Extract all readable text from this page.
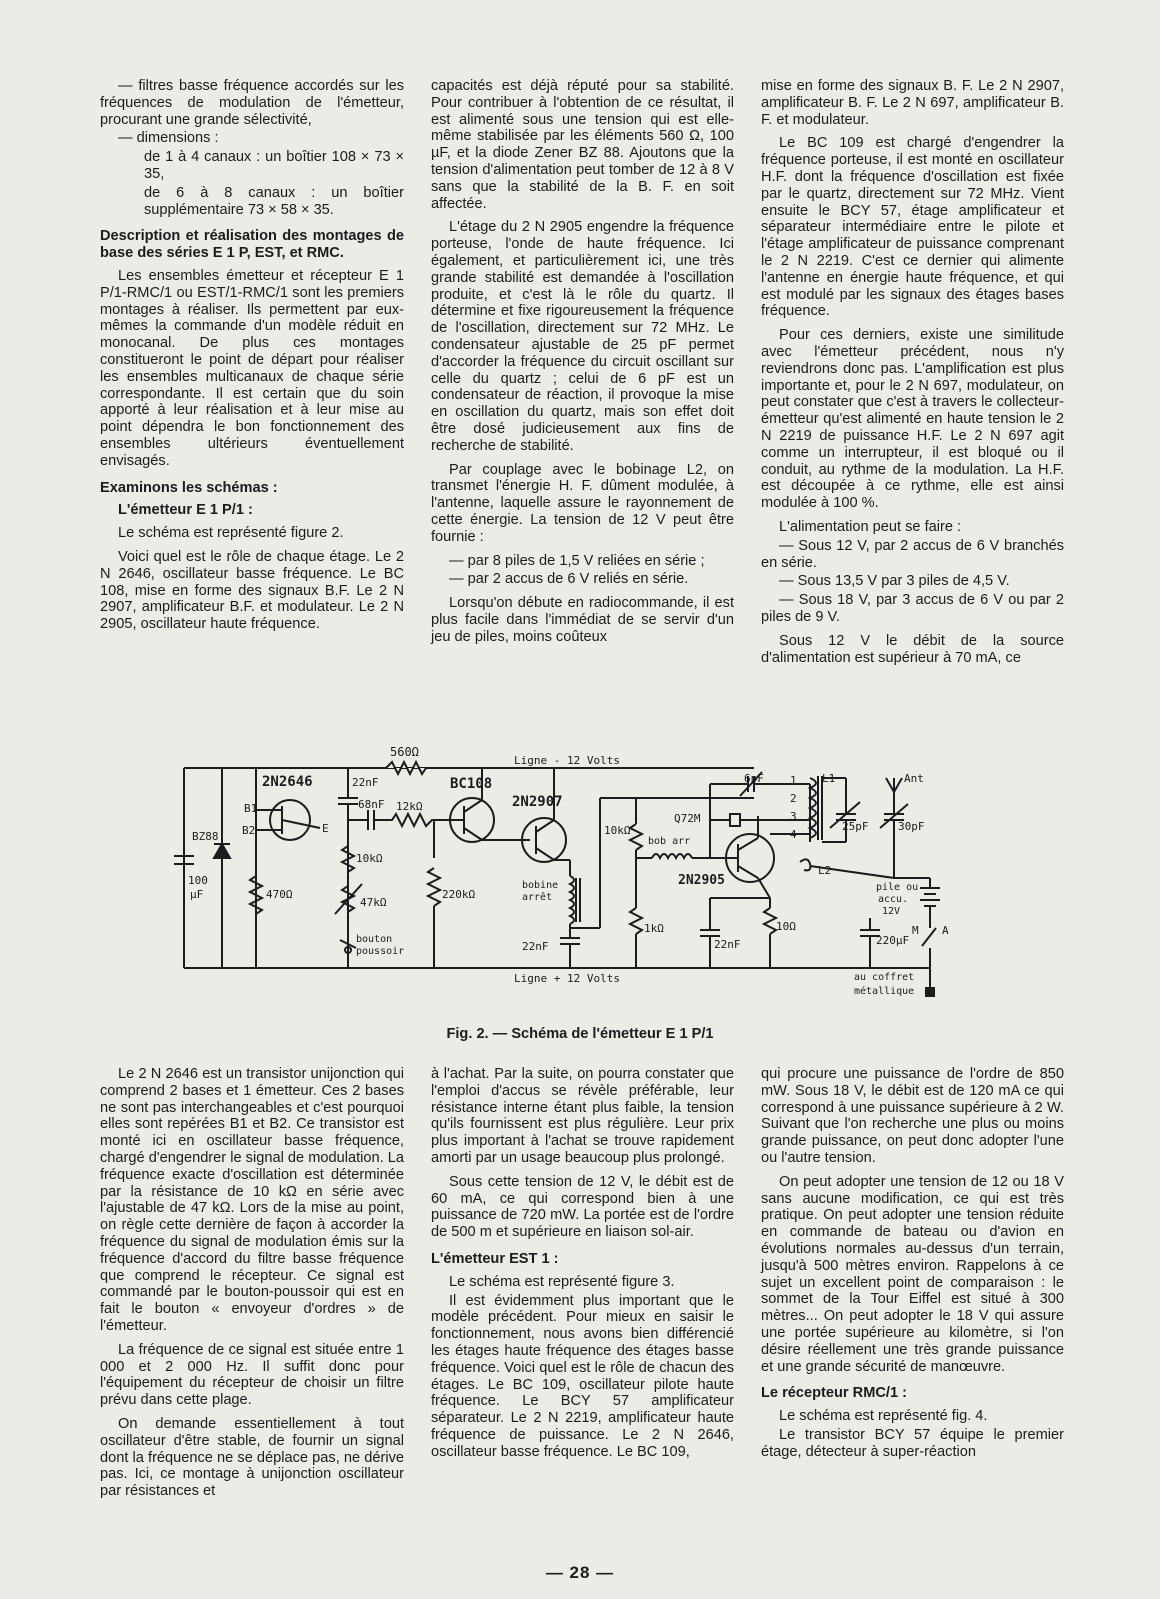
— filtres basse fréquence accordés sur les fréquences de modulation de l'émetteur, procurant une grande sélectivité,

— dimensions :

de 1 à 4 canaux : un boîtier 108 × 73 × 35,

de 6 à 8 canaux : un boîtier supplémentaire 73 × 58 × 35.

Description et réalisation des montages de base des séries E 1 P, EST, et RMC.

Les ensembles émetteur et récepteur E 1 P/1-RMC/1 ou EST/1-RMC/1 sont les premiers montages à réaliser. Ils permettent par eux-mêmes la commande d'un modèle réduit en monocanal. De plus ces montages constitueront le point de départ pour réaliser les ensembles multicanaux de chaque série correspondante. Il est certain que du soin apporté à leur réalisation et à leur mise au point dépendra le bon fonctionnement des ensembles ultérieurs éventuellement envisagés.

Examinons les schémas :
L'émetteur E 1 P/1 :

Le schéma est représenté figure 2.

Voici quel est le rôle de chaque étage. Le 2 N 2646, oscillateur basse fréquence. Le BC 108, mise en forme des signaux B.F. Le 2 N 2907, amplificateur B.F. et modulateur. Le 2 N 2905, oscillateur haute fréquence.

capacités est déjà réputé pour sa stabilité. Pour contribuer à l'obtention de ce résultat, il est alimenté sous une tension qui est elle-même stabilisée par les éléments 560 Ω, 100 µF, et la diode Zener BZ 88. Ajoutons que la tension d'alimentation peut tomber de 12 à 8 V sans que la stabilité de la B. F. en soit affectée.

L'étage du 2 N 2905 engendre la fréquence porteuse, l'onde de haute fréquence. Ici également, et particulièrement ici, une très grande stabilité est demandée à l'oscillation produite, et c'est là le rôle du quartz. Il détermine et fixe rigoureusement la fréquence de l'oscillation, directement sur 72 MHz. Le condensateur ajustable de 25 pF permet d'accorder la fréquence du circuit oscillant sur celle du quartz ; celui de 6 pF est un condensateur de réaction, il provoque la mise en oscillation du quartz, mais son effet doit être dosé judicieusement aux fins de recherche de stabilité.

Par couplage avec le bobinage L2, on transmet l'énergie H. F. dûment modulée, à l'antenne, laquelle assure le rayonnement de cette énergie. La tension de 12 V peut être fournie :

— par 8 piles de 1,5 V reliées en série ;

— par 2 accus de 6 V reliés en série.

Lorsqu'on débute en radiocommande, il est plus facile dans l'immédiat de se servir d'un jeu de piles, moins coûteux

mise en forme des signaux B. F. Le 2 N 2907, amplificateur B. F. Le 2 N 697, amplificateur B. F. et modulateur.

Le BC 109 est chargé d'engendrer la fréquence porteuse, il est monté en oscillateur H.F. dont la fréquence d'oscillation est fixée par le quartz, directement sur 72 MHz. Vient ensuite le BCY 57, étage amplificateur et séparateur intermédiaire entre le pilote et l'étage amplificateur de puissance comprenant le 2 N 2219. C'est ce dernier qui alimente l'antenne en énergie haute fréquence, et qui est modulé par les signaux des étages bases fréquence.

Pour ces derniers, existe une similitude avec l'émetteur précédent, nous n'y reviendrons donc pas. L'amplification est plus importante et, pour le 2 N 697, modulateur, on peut constater que c'est à travers le collecteur-émetteur qu'est alimenté en haute tension le 2 N 2219 de puissance H.F. Le 2 N 697 agit comme un interrupteur, il est bloqué ou il conduit, au rythme de la modulation. La H.F. est découpée à ce rythme, elle est ainsi modulée à 100 %.

L'alimentation peut se faire :

— Sous 12 V, par 2 accus de 6 V branchés en série.

— Sous 13,5 V par 3 piles de 4,5 V.

— Sous 18 V, par 3 accus de 6 V ou par 2 piles de 9 V.

Sous 12 V le débit de la source d'alimentation est supérieur à 70 mA, ce

560Ω
Ligne - 12 Volts
Ligne + 12 Volts
2N2646	BC108
2N2907
2N2905
22nF
68nF 12kΩ
B1
B2	E
BZ88
100
µF	470Ω
10kΩ
47kΩ
bouton
poussoir
220kΩ
bobine
arrêt
22nF
10kΩ
bob arr
Q72M
6pF	L1
1
2
3
4
25pF
Ant
30pF
L2
1kΩ
22nF
10Ω
pile ou
accu.
12V
M A
220µF
au coffret
métallique
Fig. 2. — Schéma de l'émetteur E 1 P/1

Le 2 N 2646 est un transistor unijonction qui comprend 2 bases et 1 émetteur. Ces 2 bases ne sont pas interchangeables et c'est pourquoi elles sont repérées B1 et B2. Ce transistor est monté ici en oscillateur basse fréquence, chargé d'engendrer le signal de modulation. La fréquence exacte d'oscillation est déterminée par la résistance de 10 kΩ en série avec l'ajustable de 47 kΩ. Lors de la mise au point, on règle cette dernière de façon à accorder la fréquence du signal de modulation émis sur la fréquence d'accord du filtre basse fréquence que comprend le récepteur. Ce signal est commandé par le bouton-poussoir qui est en fait le bouton « envoyeur d'ordres » de l'émetteur.

La fréquence de ce signal est située entre 1 000 et 2 000 Hz. Il suffit donc pour l'équipement du récepteur de choisir un filtre prévu dans cette plage.

On demande essentiellement à tout oscillateur d'être stable, de fournir un signal dont la fréquence ne se déplace pas, ne dérive pas. Ici, ce montage à unijonction oscillateur par résistances et

à l'achat. Par la suite, on pourra constater que l'emploi d'accus se révèle préférable, leur résistance interne étant plus faible, la tension qu'ils fournissent est plus régulière. Leur prix plus important à l'achat se trouve rapidement amorti par un usage beaucoup plus prolongé.

Sous cette tension de 12 V, le débit est de 60 mA, ce qui correspond bien à une puissance de 720 mW. La portée est de l'ordre de 500 m et supérieure en liaison sol-air.

L'émetteur EST 1 :

Le schéma est représenté figure 3.

Il est évidemment plus important que le modèle précédent. Pour mieux en saisir le fonctionnement, nous avons bien différencié les étages haute fréquence des étages basse fréquence. Voici quel est le rôle de chacun des étages. Le BC 109, oscillateur pilote haute fréquence. Le BCY 57 amplificateur séparateur. Le 2 N 2219, amplificateur haute fréquence de puissance. Le 2 N 2646, oscillateur basse fréquence. Le BC 109,

qui procure une puissance de l'ordre de 850 mW. Sous 18 V, le débit est de 120 mA ce qui correspond à une puissance supérieure à 2 W. Suivant que l'on recherche une plus ou moins grande puissance, on peut donc adopter l'une ou l'autre tension.

On peut adopter une tension de 12 ou 18 V sans aucune modification, ce qui est très pratique. On peut adopter une tension réduite en commande de bateau ou d'avion en évolutions normales au-dessus d'un terrain, jusqu'à 500 mètres environ. Rappelons à ce sujet un excellent point de comparaison : le sommet de la Tour Eiffel est situé à 300 mètres... On peut adopter le 18 V qui assure une portée supérieure au kilomètre, si l'on désire réellement une très grande puissance et une grande sécurité de manœuvre.

Le récepteur RMC/1 :

Le schéma est représenté fig. 4.

Le transistor BCY 57 équipe le premier étage, détecteur à super-réaction

— 28 —
